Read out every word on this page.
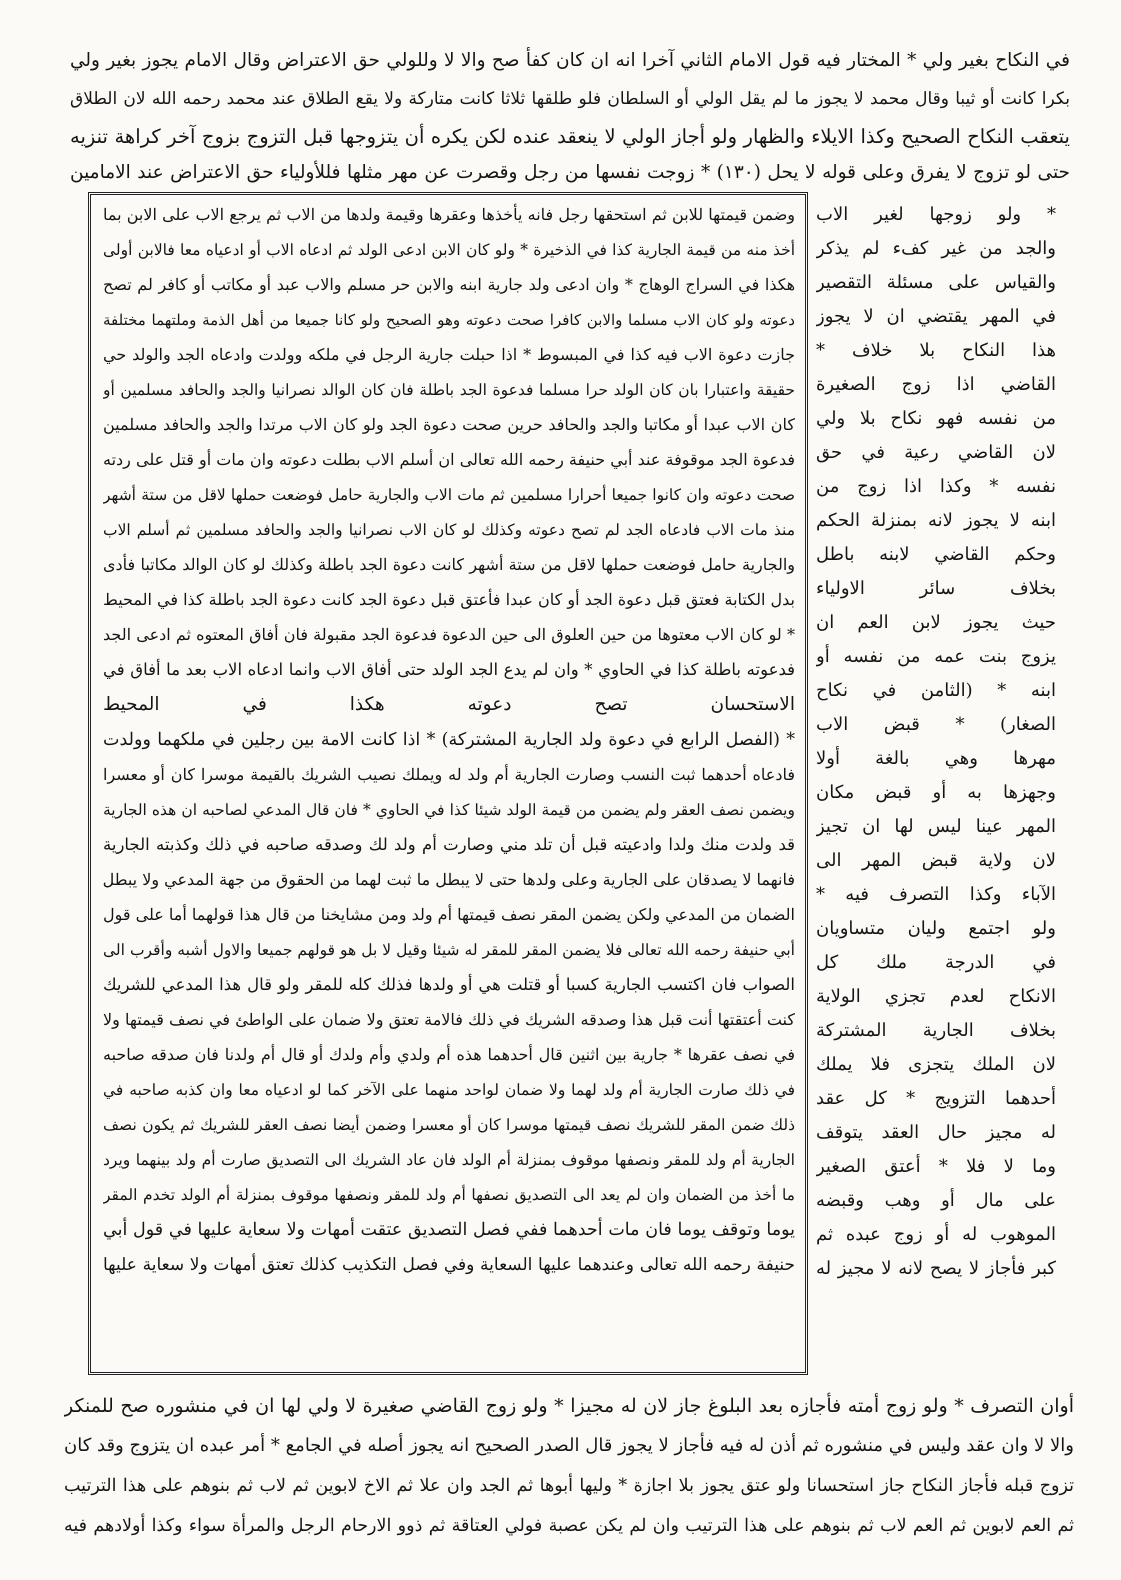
في النكاح بغير ولي * المختار فيه قول الامام الثاني آخرا انه ان كان كفأ صح والا لا وللولي حق الاعتراض وقال الامام يجوز بغير ولي
بكرا كانت أو ثيبا وقال محمد لا يجوز ما لم يقل الولي أو السلطان فلو طلقها ثلاثا كانت متاركة ولا يقع الطلاق عند محمد رحمه الله لان الطلاق
يتعقب النكاح الصحيح وكذا الايلاء والظهار ولو أجاز الولي لا ينعقد عنده لكن يكره أن يتزوجها قبل التزوج بزوج آخر كراهة تنزيه
حتى لو تزوج لا يفرق وعلى قوله لا يحل (١٣٠) * زوجت نفسها من رجل وقصرت عن مهر مثلها فللأولياء حق الاعتراض عند الامامين
وضمن قيمتها للابن ثم استحقها رجل فانه يأخذها وعقرها وقيمة ولدها من الاب ثم يرجع الاب على الابن بما
أخذ منه من قيمة الجارية كذا في الذخيرة * ولو كان الابن ادعى الولد ثم ادعاه الاب أو ادعياه معا فالابن أولى
هكذا في السراج الوهاج * وان ادعى ولد جارية ابنه والابن حر مسلم والاب عبد أو مكاتب أو كافر لم تصح
دعوته ولو كان الاب مسلما والابن كافرا صحت دعوته وهو الصحيح ولو كانا جميعا من أهل الذمة وملتهما مختلفة
جازت دعوة الاب فيه كذا في المبسوط * اذا حبلت جارية الرجل في ملكه وولدت وادعاه الجد والولد حي
حقيقة واعتبارا بان كان الولد حرا مسلما فدعوة الجد باطلة فان كان الوالد نصرانيا والجد والحافد مسلمين أو
كان الاب عبدا أو مكاتبا والجد والحافد حرين صحت دعوة الجد ولو كان الاب مرتدا والجد والحافد مسلمين
فدعوة الجد موقوفة عند أبي حنيفة رحمه الله تعالى ان أسلم الاب بطلت دعوته وان مات أو قتل على ردته
صحت دعوته وان كانوا جميعا أحرارا مسلمين ثم مات الاب والجارية حامل فوضعت حملها لاقل من ستة أشهر
منذ مات الاب فادعاه الجد لم تصح دعوته وكذلك لو كان الاب نصرانيا والجد والحافد مسلمين ثم أسلم الاب
والجارية حامل فوضعت حملها لاقل من ستة أشهر كانت دعوة الجد باطلة وكذلك لو كان الوالد مكاتبا فأدى
بدل الكتابة فعتق قبل دعوة الجد أو كان عبدا فأعتق قبل دعوة الجد كانت دعوة الجد باطلة كذا في المحيط
* لو كان الاب معتوها من حين العلوق الى حين الدعوة فدعوة الجد مقبولة فان أفاق المعتوه ثم ادعى الجد
فدعوته باطلة كذا في الحاوي * وان لم يدع الجد الولد حتى أفاق الاب وانما ادعاه الاب بعد ما أفاق في
الاستحسان تصح دعوته هكذا في المحيط
* (الفصل الرابع في دعوة ولد الجارية المشتركة) * اذا كانت الامة بين رجلين في ملكهما وولدت
فادعاه أحدهما ثبت النسب وصارت الجارية أم ولد له ويملك نصيب الشريك بالقيمة موسرا كان أو معسرا
ويضمن نصف العقر ولم يضمن من قيمة الولد شيئا كذا في الحاوي * فان قال المدعي لصاحبه ان هذه الجارية
قد ولدت منك ولدا وادعيته قبل أن تلد مني وصارت أم ولد لك وصدقه صاحبه في ذلك وكذبته الجارية
فانهما لا يصدقان على الجارية وعلى ولدها حتى لا يبطل ما ثبت لهما من الحقوق من جهة المدعي ولا يبطل
الضمان من المدعي ولكن يضمن المقر نصف قيمتها أم ولد ومن مشايخنا من قال هذا قولهما أما على قول
أبي حنيفة رحمه الله تعالى فلا يضمن المقر للمقر له شيئا وقيل لا بل هو قولهم جميعا والاول أشبه وأقرب الى
الصواب فان اكتسب الجارية كسبا أو قتلت هي أو ولدها فذلك كله للمقر ولو قال هذا المدعي للشريك
كنت أعتقتها أنت قبل هذا وصدقه الشريك في ذلك فالامة تعتق ولا ضمان على الواطئ في نصف قيمتها ولا
في نصف عقرها * جارية بين اثنين قال أحدهما هذه أم ولدي وأم ولدك أو قال أم ولدنا فان صدقه صاحبه
في ذلك صارت الجارية أم ولد لهما ولا ضمان لواحد منهما على الآخر كما لو ادعياه معا وان كذبه صاحبه في
ذلك ضمن المقر للشريك نصف قيمتها موسرا كان أو معسرا وضمن أيضا نصف العقر للشريك ثم يكون نصف
الجارية أم ولد للمقر ونصفها موقوف بمنزلة أم الولد فان عاد الشريك الى التصديق صارت أم ولد بينهما ويرد
ما أخذ من الضمان وان لم يعد الى التصديق نصفها أم ولد للمقر ونصفها موقوف بمنزلة أم الولد تخدم المقر
يوما وتوقف يوما فان مات أحدهما ففي فصل التصديق عتقت أمهات ولا سعاية عليها في قول أبي
حنيفة رحمه الله تعالى وعندهما عليها السعاية وفي فصل التكذيب كذلك تعتق أمهات ولا سعاية عليها
* ولو زوجها لغير الاب
والجد من غير كفء لم يذكر
والقياس على مسئلة التقصير
في المهر يقتضي ان لا يجوز
هذا النكاح بلا خلاف *
القاضي اذا زوج الصغيرة
من نفسه فهو نكاح بلا ولي
لان القاضي رعية في حق
نفسه * وكذا اذا زوج من
ابنه لا يجوز لانه بمنزلة الحكم
وحكم القاضي لابنه باطل
بخلاف سائر الاولياء
حيث يجوز لابن العم ان
يزوج بنت عمه من نفسه أو
ابنه * (الثامن في نكاح
الصغار) * قبض الاب
مهرها وهي بالغة أولا
وجهزها به أو قبض مكان
المهر عينا ليس لها ان تجيز
لان ولاية قبض المهر الى
الآباء وكذا التصرف فيه *
ولو اجتمع وليان متساويان
في الدرجة ملك كل
الانكاح لعدم تجزي الولاية
بخلاف الجارية المشتركة
لان الملك يتجزى فلا يملك
أحدهما التزويج * كل عقد
له مجيز حال العقد يتوقف
وما لا فلا * أعتق الصغير
على مال أو وهب وقبضه
الموهوب له أو زوج عبده ثم
كبر فأجاز لا يصح لانه لا مجيز له
أوان التصرف * ولو زوج أمته فأجازه بعد البلوغ جاز لان له مجيزا * ولو زوج القاضي صغيرة لا ولي لها ان في منشوره صح للمنكر
والا لا وان عقد وليس في منشوره ثم أذن له فيه فأجاز لا يجوز قال الصدر الصحيح انه يجوز أصله في الجامع * أمر عبده ان يتزوج وقد كان
تزوج قبله فأجاز النكاح جاز استحسانا ولو عتق يجوز بلا اجازة * وليها أبوها ثم الجد وان علا ثم الاخ لابوين ثم لاب ثم بنوهم على هذا الترتيب
ثم العم لابوين ثم العم لاب ثم بنوهم على هذا الترتيب وان لم يكن عصبة فولي العتاقة ثم ذوو الارحام الرجل والمرأة سواء وكذا أولادهم فيه
